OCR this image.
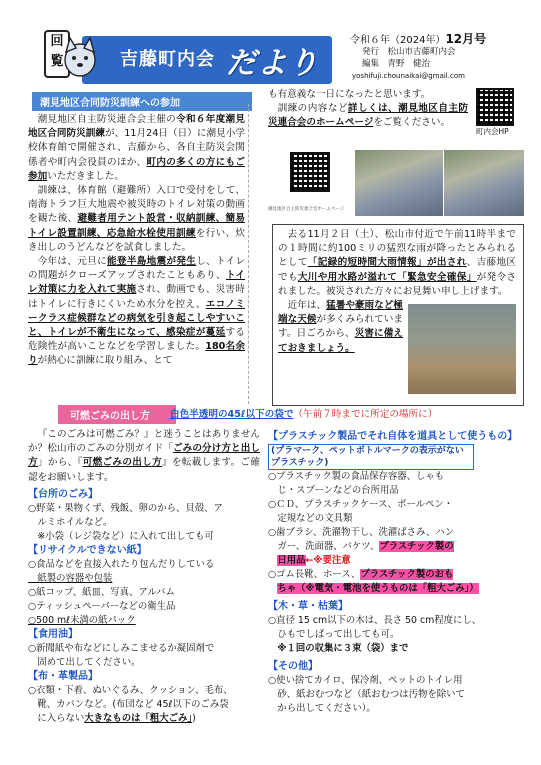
回覧	吉藤町内会 だより
令和６年（2024年）12月号
発行　松山市吉藤町内会
編集　青野　健治
yoshifuji.chounaikai@gmail.com
町内会HP
潮見地区合同防災訓練への参加

潮見地区自主防災連合会主催の令和６年度潮見地区合同防災訓練が、11月24日（日）に潮見小学校体育館で開催され、吉藤から、各自主防災会関係者や町内会役員のほか、町内の多くの方にもご参加いただきました。

訓練は、体育館（避難所）入口で受付をして、南海トラフ巨大地震や被災時のトイレ対策の動画を観た後、避難者用テント設営・収納訓練、簡易トイレ設置訓練、応急給水栓使用訓練を行い、炊き出しのうどんなどを試食しました。

今年は、元旦に能登半島地震が発生し、トイレの問題がクローズアップされたこともあり、トイレ対策に力を入れて実施され、動画でも、災害時はトイレに行きにくいため水分を控え、エコノミークラス症候群などの病気を引き起こしやすいこと、トイレが不衛生になって、感染症が蔓延する危険性が高いことなどを学習しました。180名余りが熱心に訓練に取り組み、とて

も有意義な一日になったと思います。

訓練の内容など詳しくは、潮見地区自主防災連合会のホームページをご覧ください。

潮見地区自主防災連合会ホームページ

去る11月２日（土）、松山市付近で午前11時半までの１時間に約100ミリの猛烈な雨が降ったとみられるとして「記録的短時間大雨情報」が出され、吉藤地区でも大川や用水路が溢れて「緊急安全確保」が発令されました。被災された方々にお見舞い申し上げます。

近年は、猛暑や豪雨など極端な天候が多くみられています。日ごろから、災害に備えておきましょう。

可燃ごみの出し方	白色半透明の45ℓ以下の袋で（午前７時までに所定の場所に）

『このごみは可燃ごみ？』と迷うことはありませんか？松山市のごみの分別ガイド「ごみの分け方と出し方」から、『可燃ごみの出し方』を転載します。ご確認をお願いします。

【台所のごみ】
○野菜・果物くず、残飯、卵のから、貝殻、ア
　ルミホイルなど。
　※小袋（レジ袋など）に入れて出しても可
【リサイクルできない紙】
○食品などを直接入れたり包んだりしている
　紙製の容器や包装
○紙コップ、紙皿、写真、アルバム
○ティッシュペーパーなどの衛生品
○500 mℓ未満の紙パック
【食用油】
○新聞紙や布などにしみこませるか凝固剤で
　固めて出してください。
【布・革製品】
○衣類・下着、ぬいぐるみ、クッション、毛布、
　靴、カバンなど。(布団など 45ℓ以下のごみ袋
　に入らない大きなものは「粗大ごみ」)
【プラスチック製品でそれ自体を道具として使うもの】
(プラマーク、ペットボトルマークの表示がないプラスチック)
○プラスチック製の食品保存容器、しゃも
　じ・スプーンなどの台所用品
○ＣＤ、プラスチックケース、ボールペン・
　定規などの文具類
○歯ブラシ、洗濯物干し、洗濯ばさみ、ハン
　ガー、洗面器、バケツ、プラスチック製の
　日用品←※要注意
○ゴム長靴、ホース、プラスチック製のおも
　ちゃ（※電気・電池を使うものは「粗大ごみ」）
【木・草・枯葉】
○直径 15 cm以下の木は、長さ 50 cm程度にし、
　ひもでしばって出しても可。
　※１回の収集に３束（袋）まで
【その他】
○使い捨てカイロ、保冷剤、ペットのトイレ用
　砂、紙おむつなど（紙おむつは汚物を除いて
　から出してください）。
